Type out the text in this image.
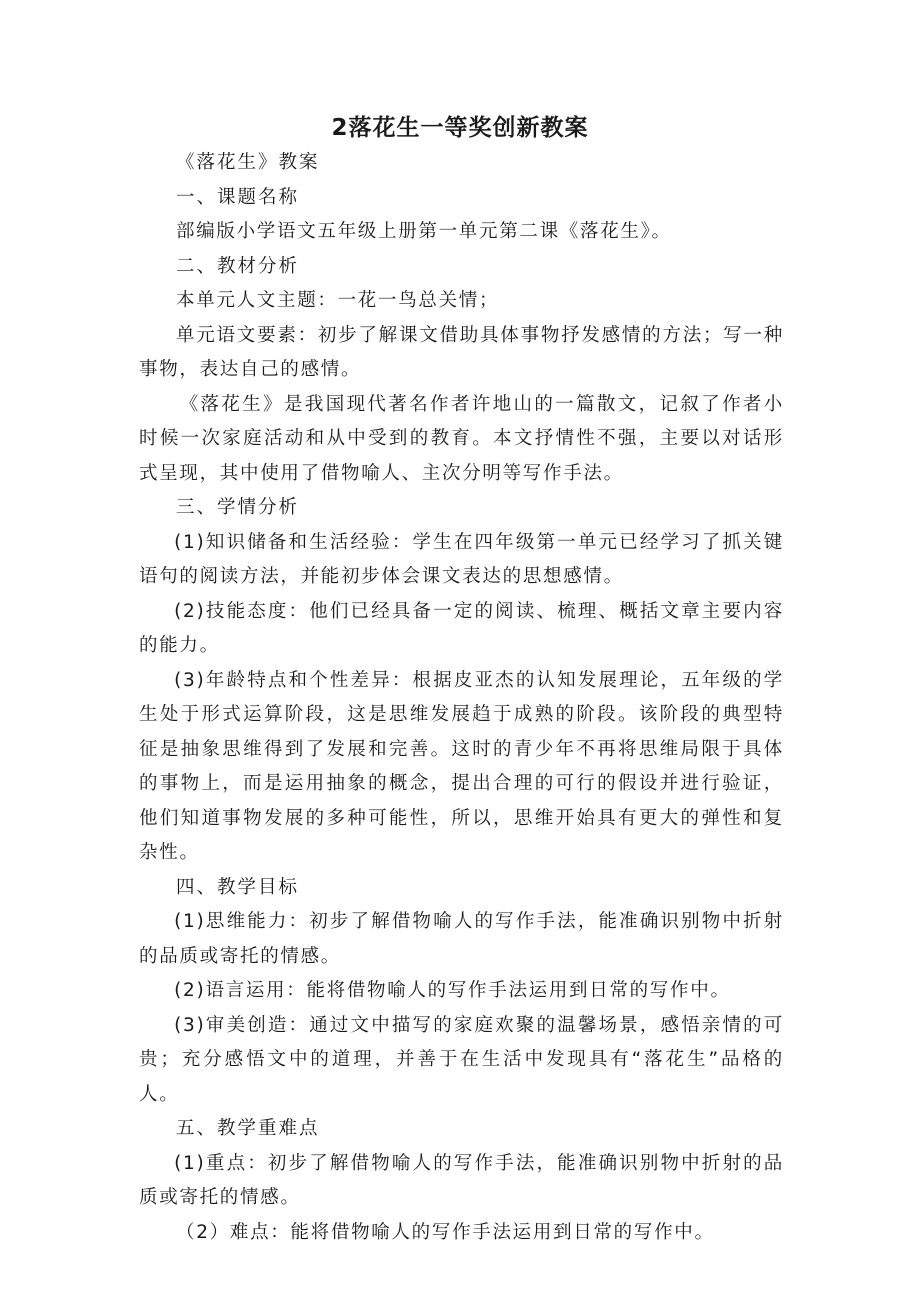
2落花生一等奖创新教案

《落花生》教案

一、课题名称

部编版小学语文五年级上册第一单元第二课《落花生》。

二、教材分析

本单元人文主题：一花一鸟总关情；

单元语文要素：初步了解课文借助具体事物抒发感情的方法；写一种事物，表达自己的感情。

《落花生》是我国现代著名作者许地山的一篇散文，记叙了作者小时候一次家庭活动和从中受到的教育。本文抒情性不强，主要以对话形式呈现，其中使用了借物喻人、主次分明等写作手法。

三、学情分析

(1)知识储备和生活经验：学生在四年级第一单元已经学习了抓关键语句的阅读方法，并能初步体会课文表达的思想感情。

(2)技能态度：他们已经具备一定的阅读、梳理、概括文章主要内容的能力。

(3)年龄特点和个性差异：根据皮亚杰的认知发展理论，五年级的学生处于形式运算阶段，这是思维发展趋于成熟的阶段。该阶段的典型特征是抽象思维得到了发展和完善。这时的青少年不再将思维局限于具体的事物上，而是运用抽象的概念，提出合理的可行的假设并进行验证，他们知道事物发展的多种可能性，所以，思维开始具有更大的弹性和复杂性。

四、教学目标

(1)思维能力：初步了解借物喻人的写作手法，能准确识别物中折射的品质或寄托的情感。

(2)语言运用：能将借物喻人的写作手法运用到日常的写作中。

(3)审美创造：通过文中描写的家庭欢聚的温馨场景，感悟亲情的可贵；充分感悟文中的道理，并善于在生活中发现具有“落花生”品格的人。

五、教学重难点

(1)重点：初步了解借物喻人的写作手法，能准确识别物中折射的品质或寄托的情感。

（2）难点：能将借物喻人的写作手法运用到日常的写作中。
